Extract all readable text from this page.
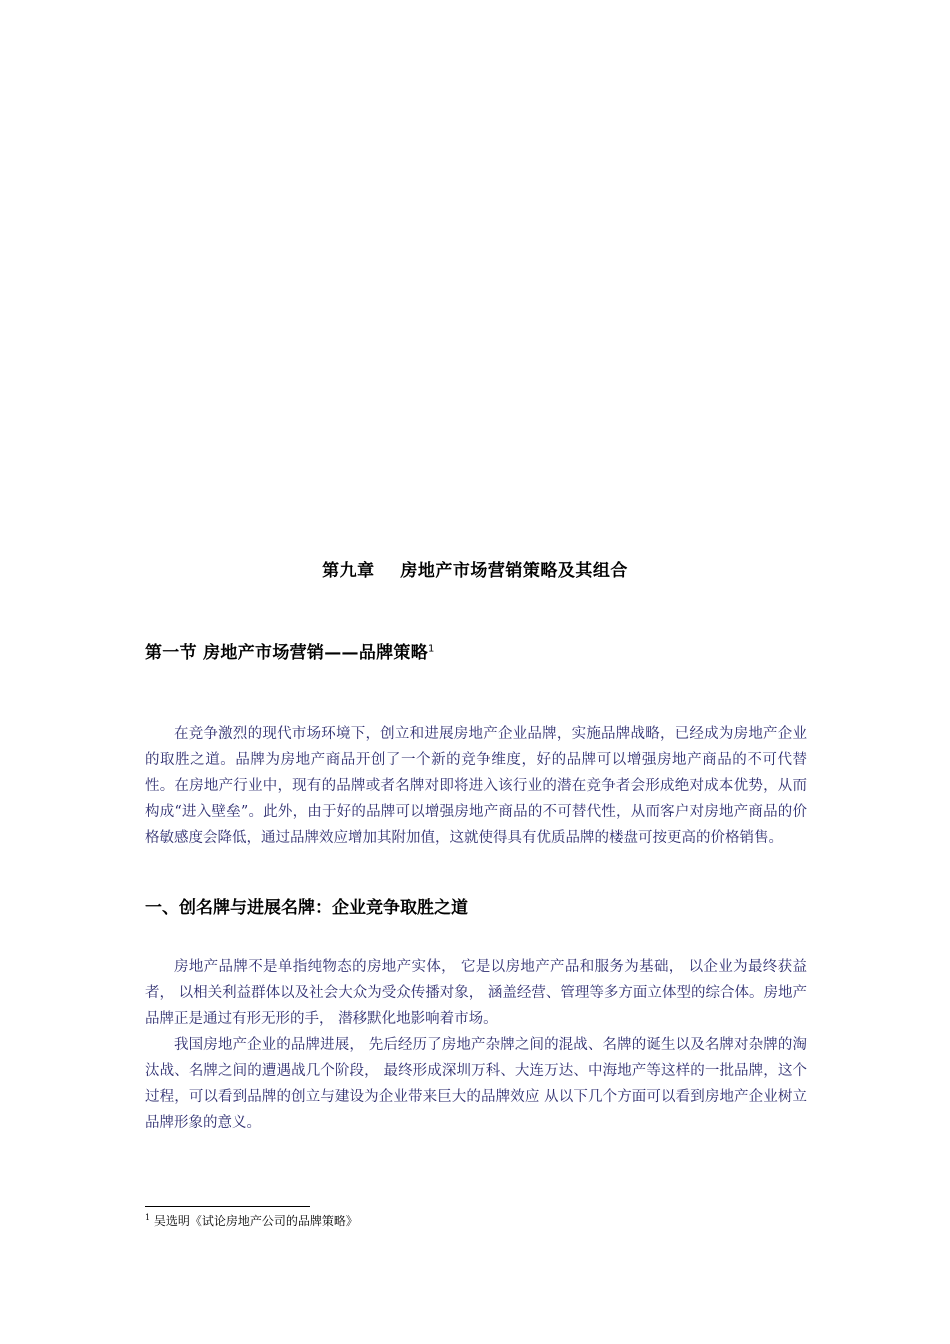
第九章    房地产市场营销策略及其组合
第一节 房地产市场营销——品牌策略$^1$

在竞争激烈的现代市场环境下，创立和进展房地产企业品牌，实施品牌战略，已经成为房地产企业的取胜之道。品牌为房地产商品开创了一个新的竞争维度，好的品牌可以增强房地产商品的不可代替性。在房地产行业中，现有的品牌或者名牌对即将进入该行业的潜在竞争者会形成绝对成本优势，从而构成“进入壁垒”。此外，由于好的品牌可以增强房地产商品的不可替代性，从而客户对房地产商品的价格敏感度会降低，通过品牌效应增加其附加值，这就使得具有优质品牌的楼盘可按更高的价格销售。

一、创名牌与进展名牌：企业竞争取胜之道

房地产品牌不是单指纯物态的房地产实体， 它是以房地产产品和服务为基础， 以企业为最终获益者， 以相关利益群体以及社会大众为受众传播对象， 涵盖经营、管理等多方面立体型的综合体。房地产品牌正是通过有形无形的手， 潜移默化地影响着市场。

我国房地产企业的品牌进展， 先后经历了房地产杂牌之间的混战、名牌的诞生以及名牌对杂牌的淘汰战、名牌之间的遭遇战几个阶段， 最终形成深圳万科、大连万达、中海地产等这样的一批品牌，这个过程，可以看到品牌的创立与建设为企业带来巨大的品牌效应 从以下几个方面可以看到房地产企业树立品牌形象的意义。

$^1$ 吴选明《试论房地产公司的品牌策略》
